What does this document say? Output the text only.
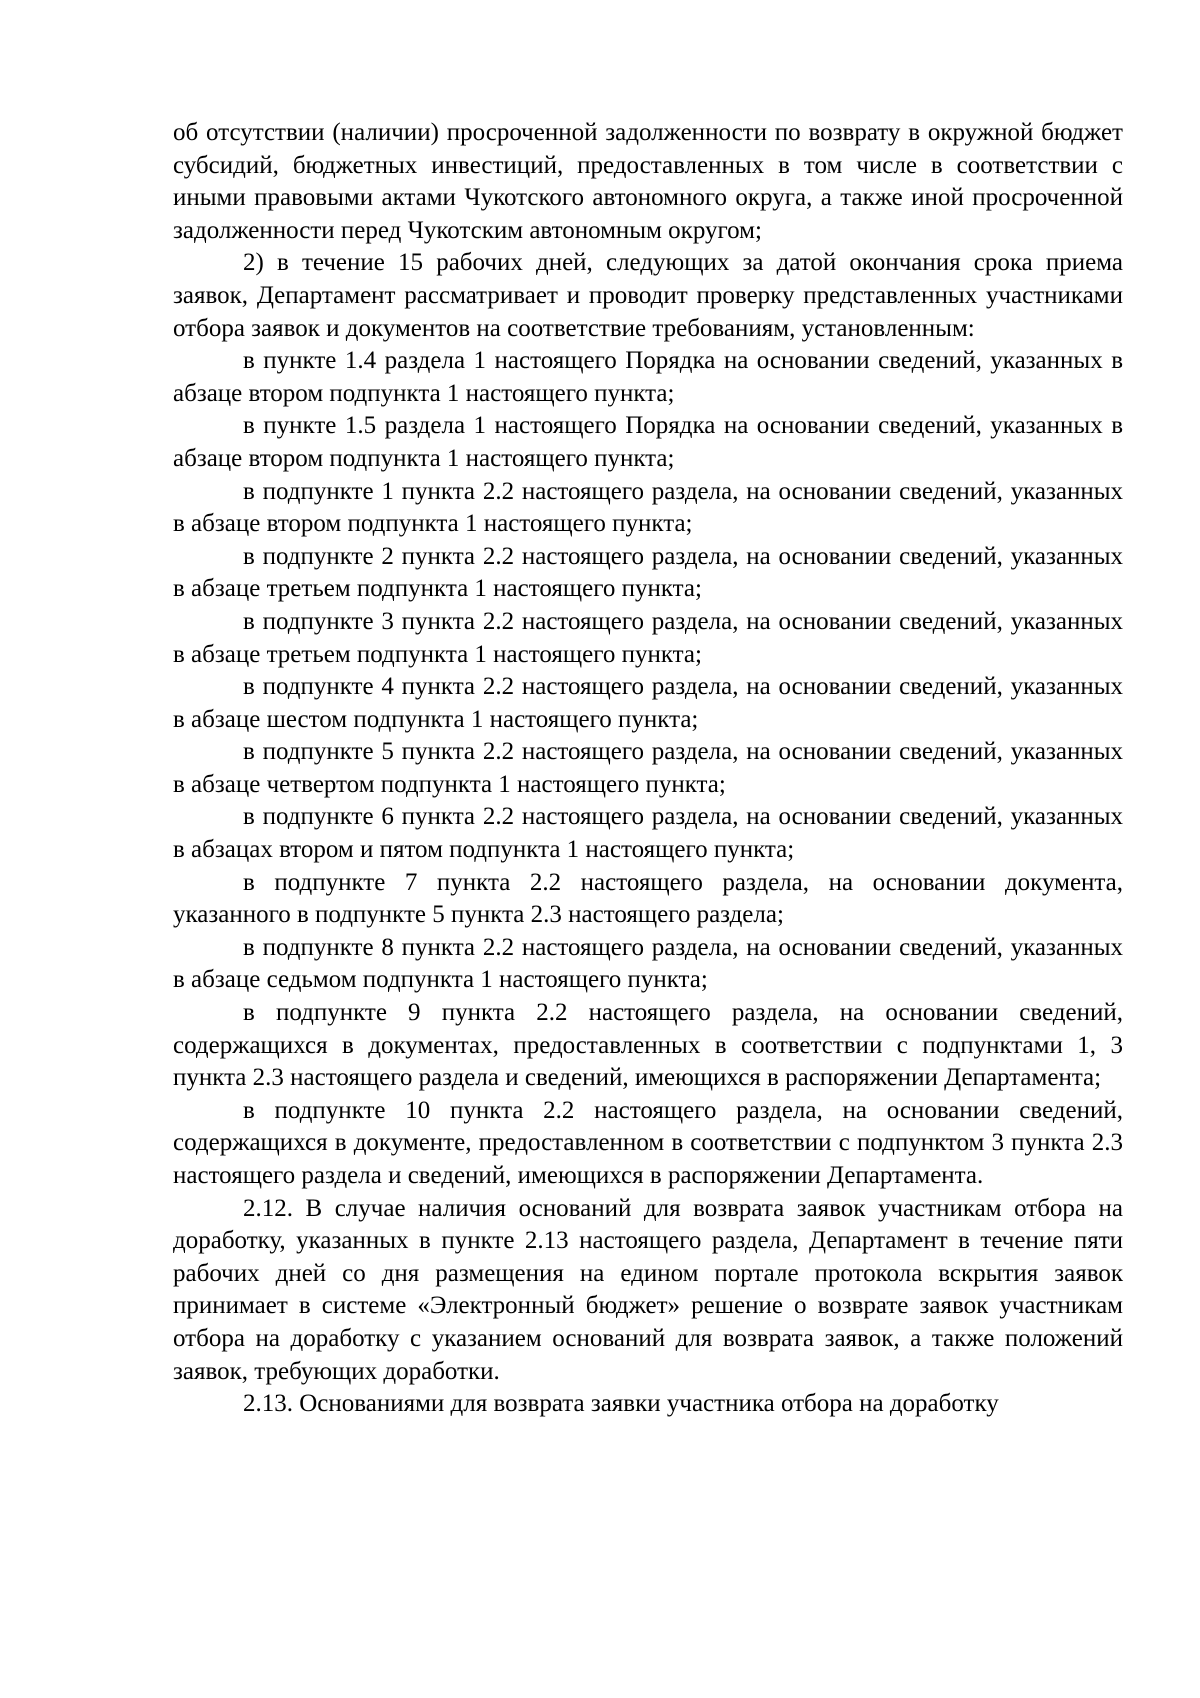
об отсутствии (наличии) просроченной задолженности по возврату в окружной бюджет субсидий, бюджетных инвестиций, предоставленных в том числе в соответствии с иными правовыми актами Чукотского автономного округа, а также иной просроченной задолженности перед Чукотским автономным округом;

2) в течение 15 рабочих дней, следующих за датой окончания срока приема заявок, Департамент рассматривает и проводит проверку представленных участниками отбора заявок и документов на соответствие требованиям, установленным:

в пункте 1.4 раздела 1 настоящего Порядка на основании сведений, указанных в абзаце втором подпункта 1 настоящего пункта;

в пункте 1.5 раздела 1 настоящего Порядка на основании сведений, указанных в абзаце втором подпункта 1 настоящего пункта;

в подпункте 1 пункта 2.2 настоящего раздела, на основании сведений, указанных в абзаце втором подпункта 1 настоящего пункта;

в подпункте 2 пункта 2.2 настоящего раздела, на основании сведений, указанных в абзаце третьем подпункта 1 настоящего пункта;

в подпункте 3 пункта 2.2 настоящего раздела, на основании сведений, указанных в абзаце третьем подпункта 1 настоящего пункта;

в подпункте 4 пункта 2.2 настоящего раздела, на основании сведений, указанных в абзаце шестом подпункта 1 настоящего пункта;

в подпункте 5 пункта 2.2 настоящего раздела, на основании сведений, указанных в абзаце четвертом подпункта 1 настоящего пункта;

в подпункте 6 пункта 2.2 настоящего раздела, на основании сведений, указанных в абзацах втором и пятом подпункта 1 настоящего пункта;

в подпункте 7 пункта 2.2 настоящего раздела, на основании документа, указанного в подпункте 5 пункта 2.3 настоящего раздела;

в подпункте 8 пункта 2.2 настоящего раздела, на основании сведений, указанных в абзаце седьмом подпункта 1 настоящего пункта;

в подпункте 9 пункта 2.2 настоящего раздела, на основании сведений, содержащихся в документах, предоставленных в соответствии с подпунктами 1, 3 пункта 2.3 настоящего раздела и сведений, имеющихся в распоряжении Департамента;

в подпункте 10 пункта 2.2 настоящего раздела, на основании сведений, содержащихся в документе, предоставленном в соответствии с подпунктом 3 пункта 2.3 настоящего раздела и сведений, имеющихся в распоряжении Департамента.

2.12. В случае наличия оснований для возврата заявок участникам отбора на доработку, указанных в пункте 2.13 настоящего раздела, Департамент в течение пяти рабочих дней со дня размещения на едином портале протокола вскрытия заявок принимает в системе «Электронный бюджет» решение о возврате заявок участникам отбора на доработку с указанием оснований для возврата заявок, а также положений заявок, требующих доработки.

2.13. Основаниями для возврата заявки участника отбора на доработку
